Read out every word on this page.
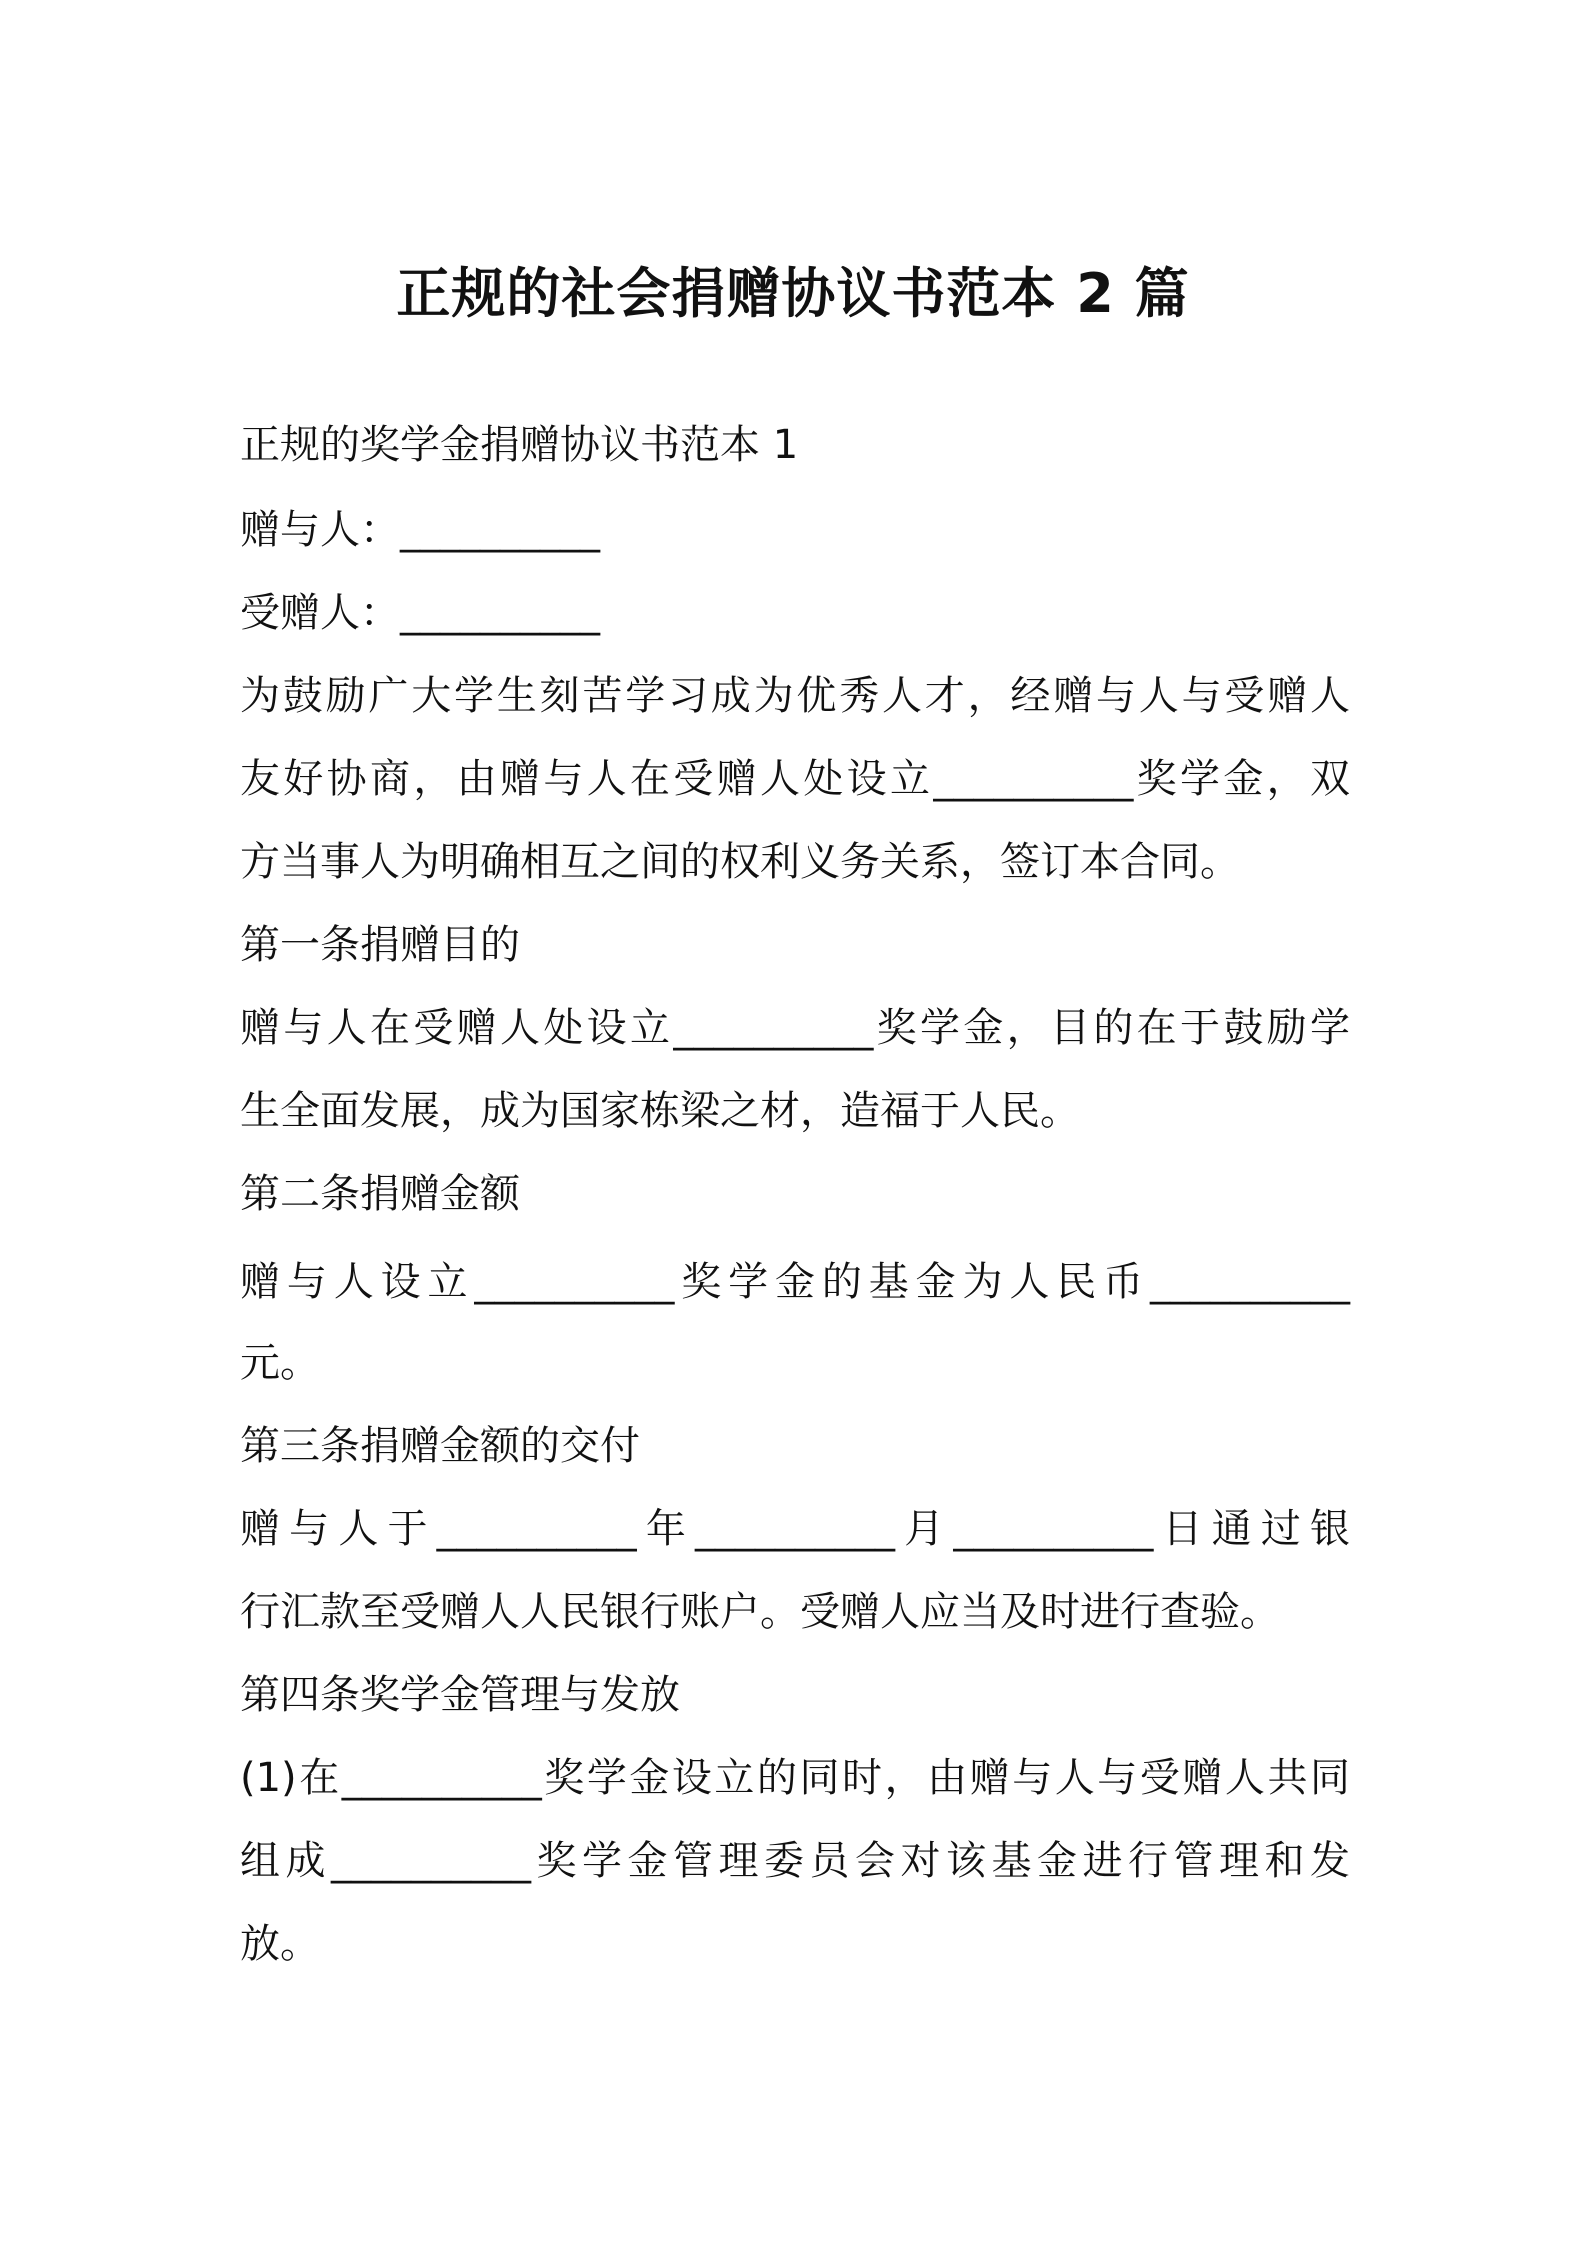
正规的社会捐赠协议书范本 2 篇
正规的奖学金捐赠协议书范本 1
赠与人：__________
受赠人：__________
为鼓励广大学生刻苦学习成为优秀人才，经赠与人与受赠人
友好协商，由赠与人在受赠人处设立__________奖学金，双
方当事人为明确相互之间的权利义务关系，签订本合同。
第一条捐赠目的
赠与人在受赠人处设立__________奖学金，目的在于鼓励学
生全面发展，成为国家栋梁之材，造福于人民。
第二条捐赠金额
赠与人设立__________奖学金的基金为人民币__________
元。
第三条捐赠金额的交付
赠与人于__________年__________月__________日通过银
行汇款至受赠人人民银行账户。受赠人应当及时进行查验。
第四条奖学金管理与发放
(1)在__________奖学金设立的同时，由赠与人与受赠人共同
组成__________奖学金管理委员会对该基金进行管理和发
放。
